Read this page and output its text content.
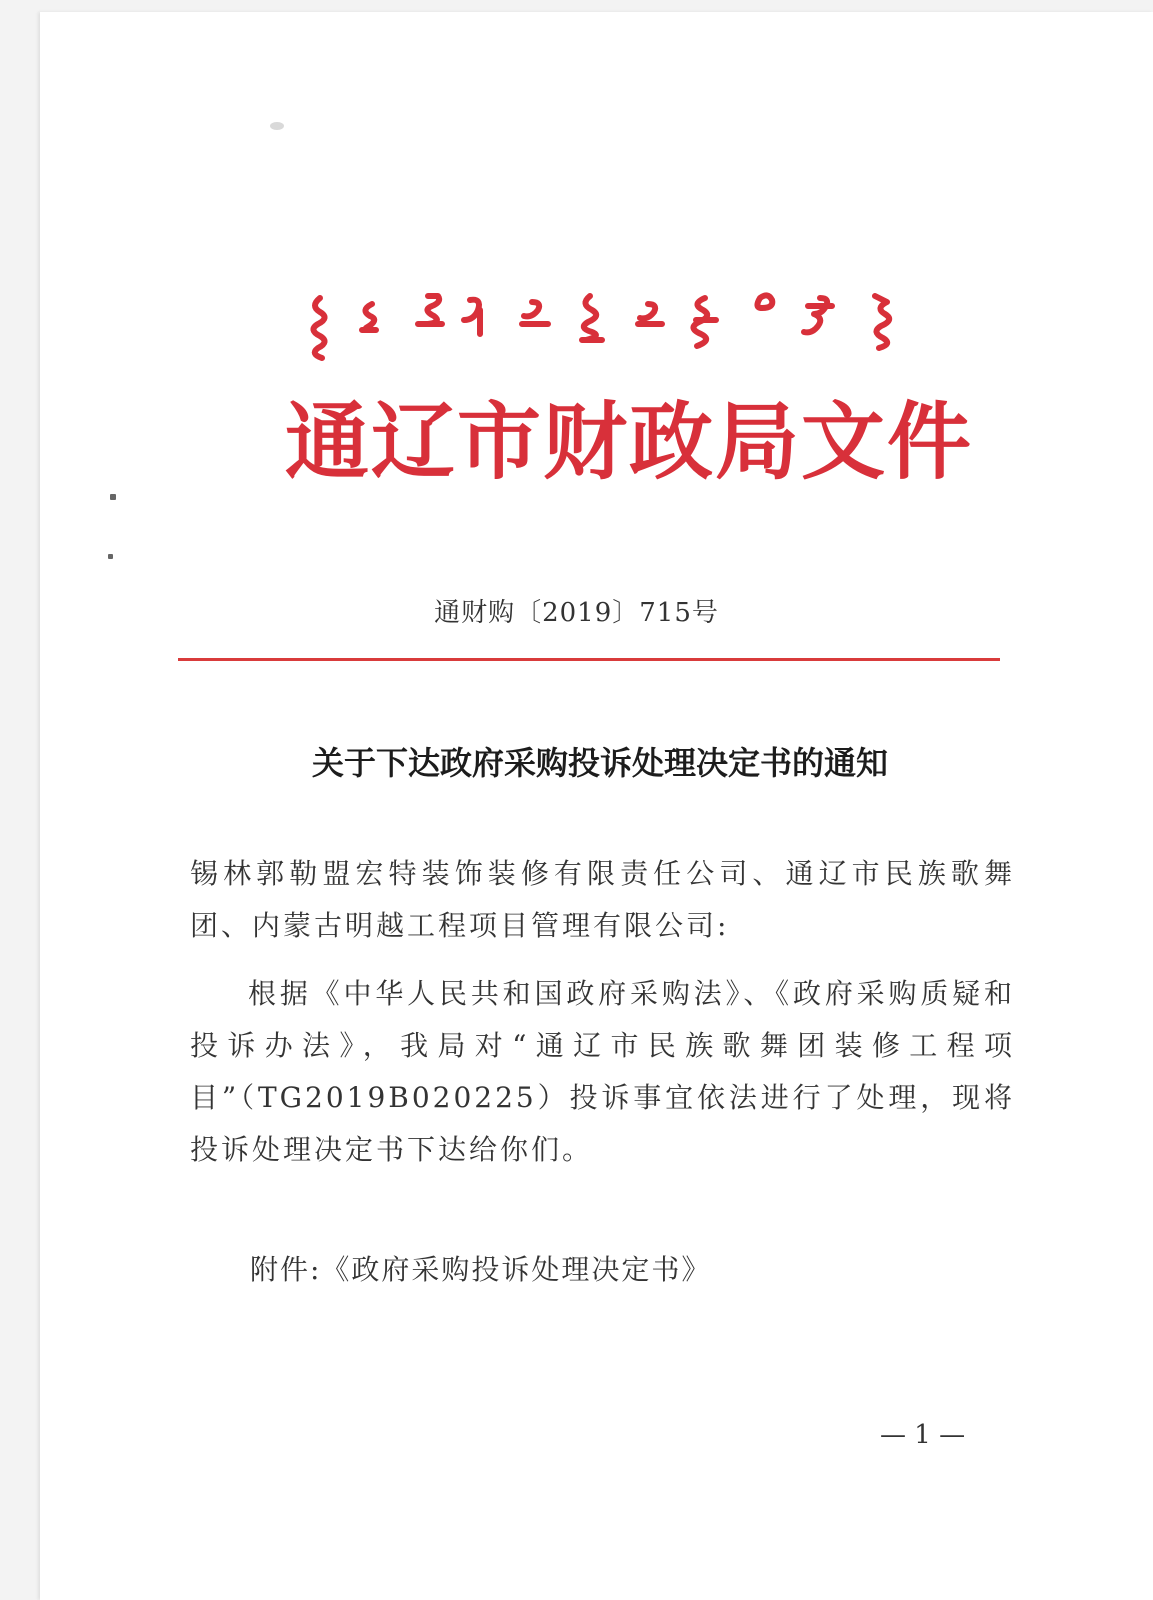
通辽市财政局文件
通财购〔2019〕715号
关于下达政府采购投诉处理决定书的通知
锡林郭勒盟宏特装饰装修有限责任公司、通辽市民族歌舞团、内蒙古明越工程项目管理有限公司:
根据《中华人民共和国政府采购法》、《政府采购质疑和投诉办法》，我局对“通辽市民族歌舞团装修工程项目”（TG2019B020225）投诉事宜依法进行了处理，现将投诉处理决定书下达给你们。
附件:《政府采购投诉处理决定书》
— 1 —
